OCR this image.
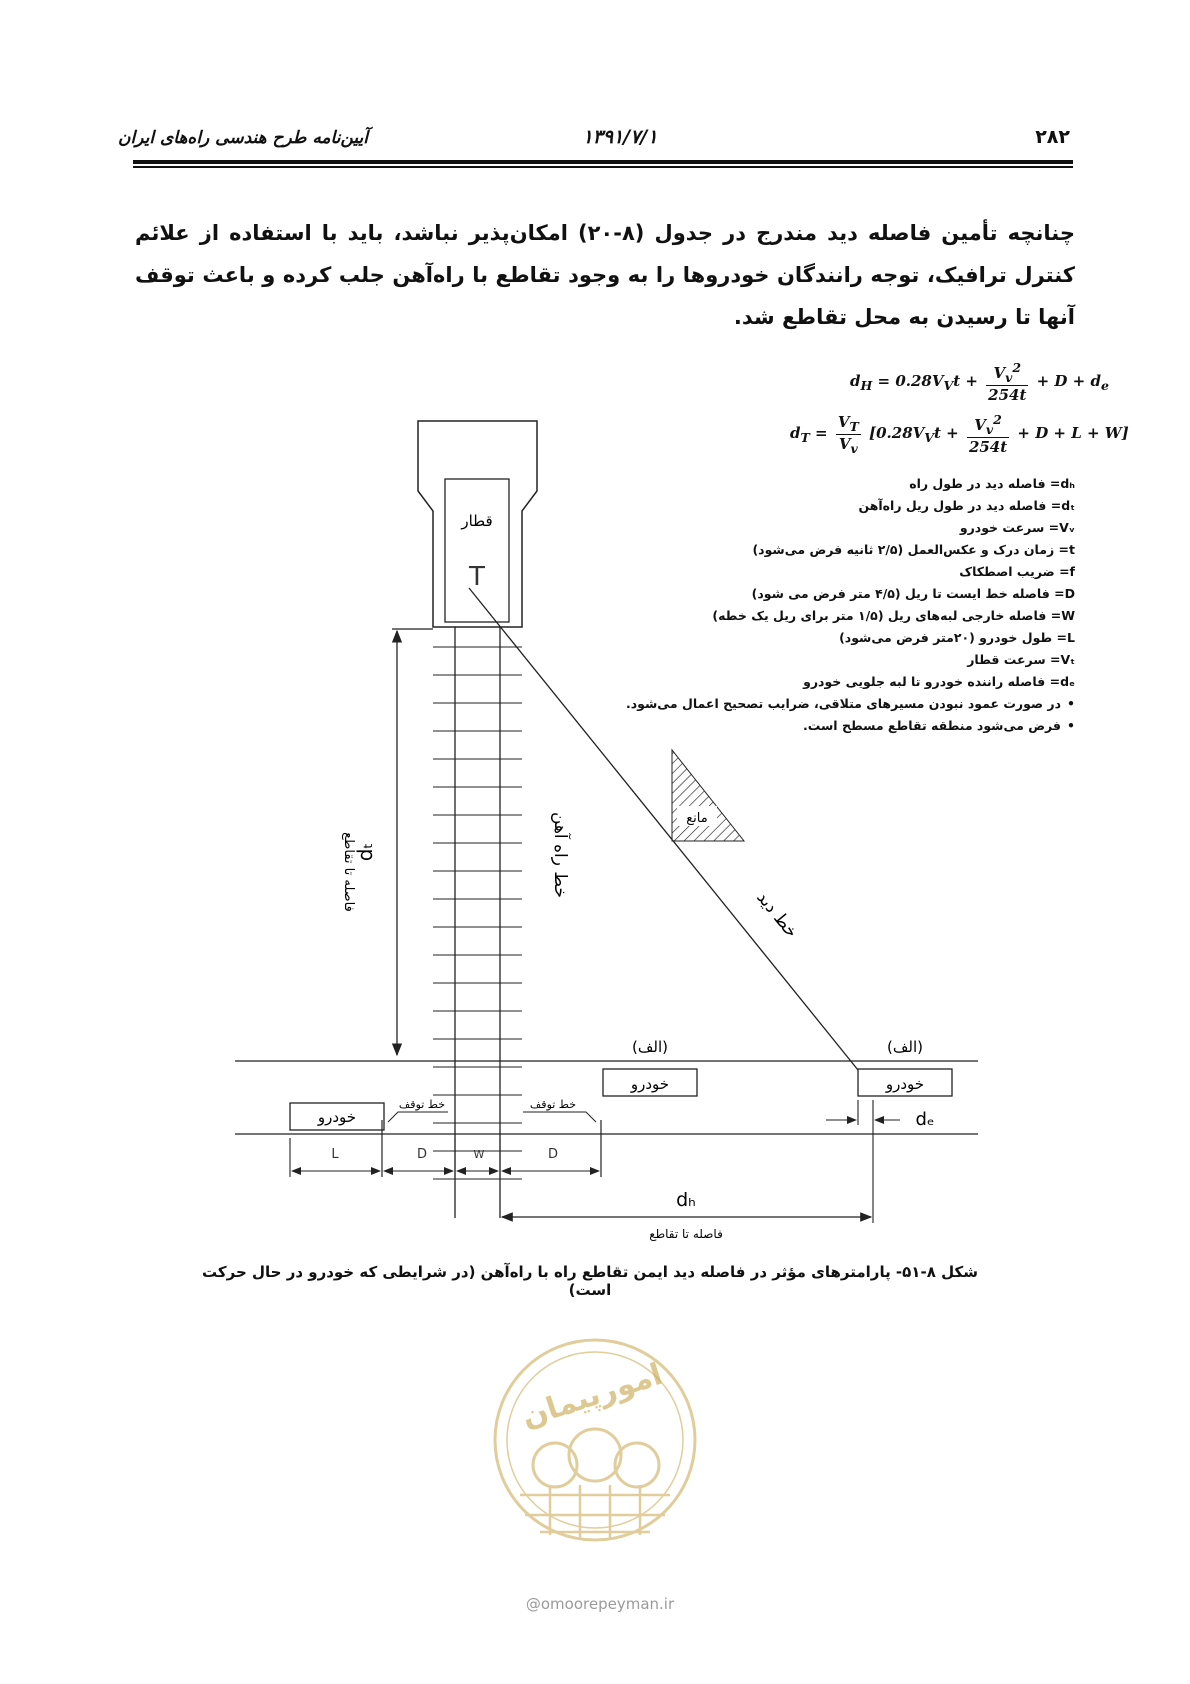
آیین‌نامه طرح هندسی راه‌های ایران	۱۳۹۱/۷/۱	۲۸۲
چنانچه تأمین فاصله دید مندرج در جدول (۸-۲۰) امکان‌پذیر نباشد، باید با استفاده از علائم کنترل ترافیک، توجه رانندگان خودروها را به وجود تقاطع با راه‌آهن جلب کرده و باعث توقف آنها تا رسیدن به محل تقاطع شد.
$d_H = 0.28V_Vt + \frac{V_v^2}{254t} + D + d_e$
$d_T = \frac{V_T}{V_v} [0.28V_Vt + \frac{V_v^2}{254t} + D + L + W]$
dₕ= فاصله دید در طول راه
dₜ= فاصله دید در طول ریل راه‌آهن
Vᵥ= سرعت خودرو
t= زمان درک و عکس‌العمل (۲/۵ ثانیه فرض می‌شود)
f= ضریب اصطکاک
D= فاصله خط ایست تا ریل (۴/۵ متر فرض می شود)
W= فاصله خارجی لبه‌های ریل (۱/۵ متر برای ریل یک خطه)
L= طول خودرو (۲۰متر فرض می‌شود)
Vₜ= سرعت قطار
dₑ= فاصله راننده خودرو تا لبه جلویی خودرو
• در صورت عمود نبودن مسیرهای متلاقی، ضرایب تصحیح اعمال می‌شود.
• فرض می‌شود منطقه تقاطع مسطح است.
قطار
T
dₜ
فاصله تا تقاطع	خط راه آهن
خط دید
مانع
خودرو	خودرو
خودرو
(الف)	(الف)
خط توقف	خط توقف
L	D	W	D
dₑ
dₕ
فاصله تا تقاطع
شکل ۸-۵۱- پارامترهای مؤثر در فاصله دید ایمن تقاطع راه با راه‌آهن (در شرایطی که خودرو در حال حرکت است)
امورپیمان
@omoorepeyman.ir
